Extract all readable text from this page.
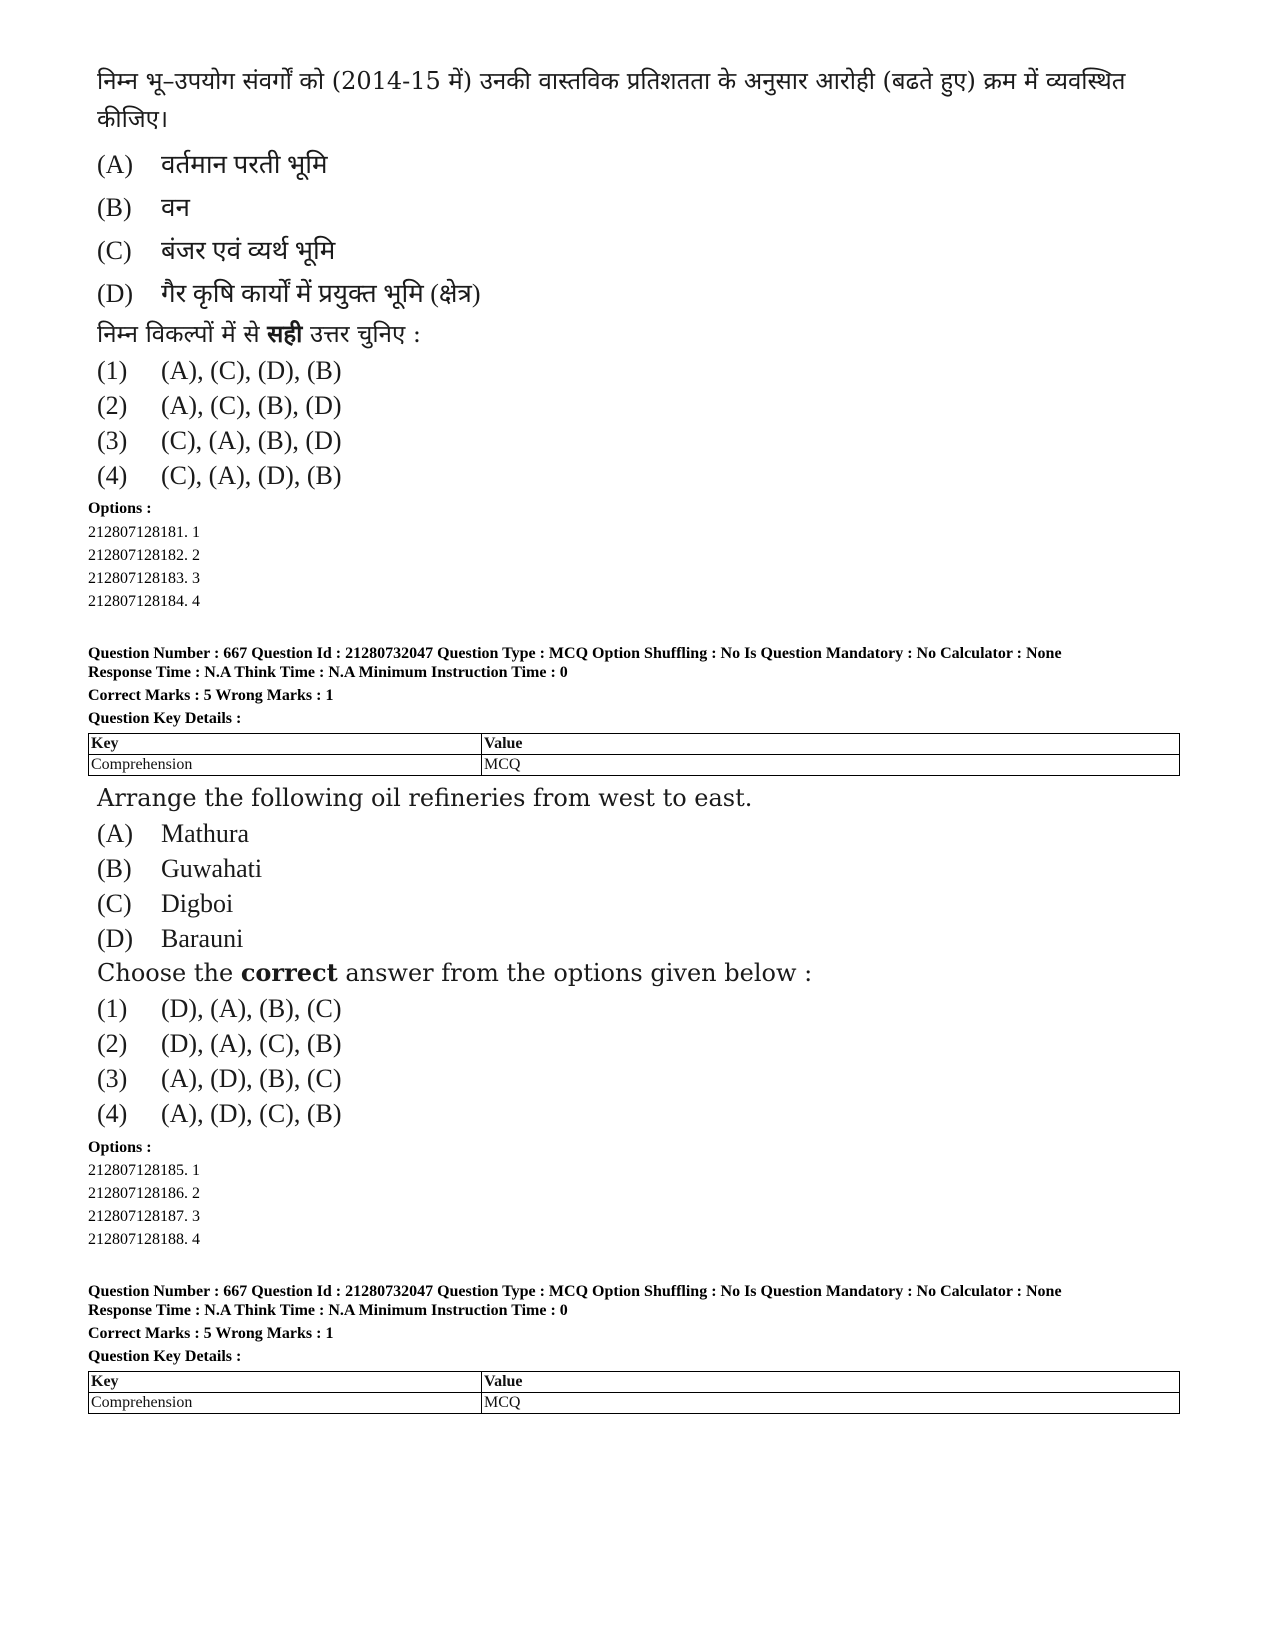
निम्न भू–उपयोग संवर्गों को (2014-15 में) उनकी वास्तविक प्रतिशतता के अनुसार आरोही (बढते हुए) क्रम में व्यवस्थित
कीजिए।
(A) वर्तमान परती भूमि
(B) वन
(C) बंजर एवं व्यर्थ भूमि
(D) गैर कृषि कार्यों में प्रयुक्त भूमि (क्षेत्र)
निम्न विकल्पों में से सही उत्तर चुनिए :
(1) (A), (C), (D), (B)
(2) (A), (C), (B), (D)
(3) (C), (A), (B), (D)
(4) (C), (A), (D), (B)
Options :
212807128181. 1
212807128182. 2
212807128183. 3
212807128184. 4
Question Number : 667 Question Id : 21280732047 Question Type : MCQ Option Shuffling : No Is Question Mandatory : No Calculator : None
Response Time : N.A Think Time : N.A Minimum Instruction Time : 0
Correct Marks : 5 Wrong Marks : 1
Question Key Details :
Key	Value
Comprehension	MCQ
Arrange the following oil refineries from west to east.
(A) Mathura
(B) Guwahati
(C) Digboi
(D) Barauni
Choose the correct answer from the options given below :
(1) (D), (A), (B), (C)
(2) (D), (A), (C), (B)
(3) (A), (D), (B), (C)
(4) (A), (D), (C), (B)
Options :
212807128185. 1
212807128186. 2
212807128187. 3
212807128188. 4
Question Number : 667 Question Id : 21280732047 Question Type : MCQ Option Shuffling : No Is Question Mandatory : No Calculator : None
Response Time : N.A Think Time : N.A Minimum Instruction Time : 0
Correct Marks : 5 Wrong Marks : 1
Question Key Details :
Key	Value
Comprehension	MCQ
